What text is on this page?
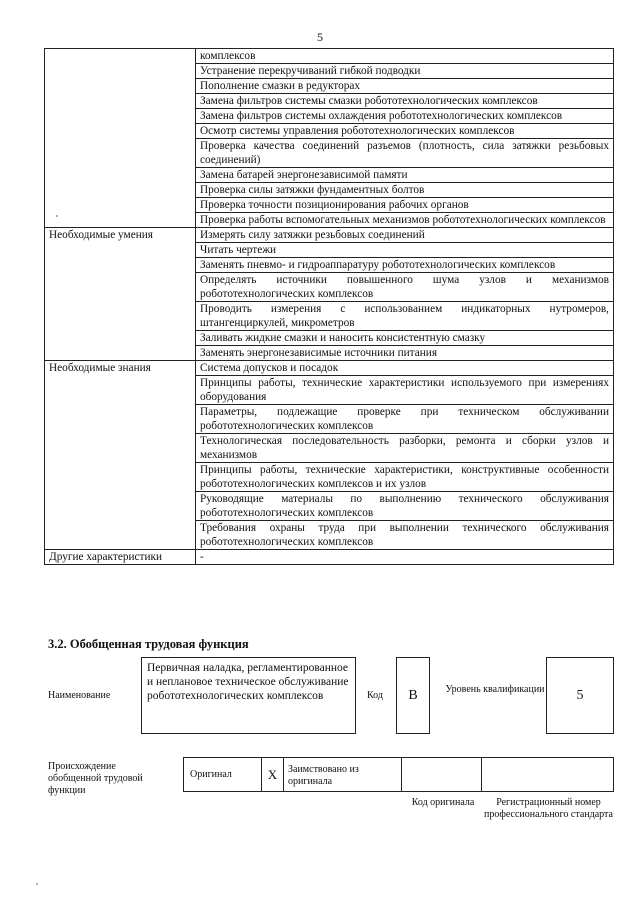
5
	комплексов
	Устранение перекручиваний гибкой подводки
	Пополнение смазки в редукторах
	Замена фильтров системы смазки робототехнологических комплексов
	Замена фильтров системы охлаждения робототехнологических комплексов
	Осмотр системы управления робототехнологических комплексов
	Проверка качества соединений разъемов (плотность, сила затяжки резьбовых соединений)
	Замена батарей энергонезависимой памяти
	Проверка силы затяжки фундаментных болтов
	Проверка точности позиционирования рабочих органов
	Проверка работы вспомогательных механизмов робототехнологических комплексов
Необходимые умения	Измерять силу затяжки резьбовых соединений
	Читать чертежи
	Заменять пневмо- и гидроаппаратуру робототехнологических комплексов
	Определять источники повышенного шума узлов и механизмов робототехнологических комплексов
	Проводить измерения с использованием индикаторных нутромеров, штангенциркулей, микрометров
	Заливать жидкие смазки и наносить консистентную смазку
	Заменять энергонезависимые источники питания
Необходимые знания	Система допусков и посадок
	Принципы работы, технические характеристики используемого при измерениях оборудования
	Параметры, подлежащие проверке при техническом обслуживании робототехнологических комплексов
	Технологическая последовательность разборки, ремонта и сборки узлов и механизмов
	Принципы работы, технические характеристики, конструктивные особенности робототехнологических комплексов и их узлов
	Руководящие материалы по выполнению технического обслуживания робототехнологических комплексов
	Требования охраны труда при выполнении технического обслуживания робототехнологических комплексов
Другие характеристики	-
3.2. Обобщенная трудовая функция
Наименование
Первичная наладка, регламентированное и неплановое техническое обслуживание робототехнологических комплексов	Код	B	Уровень квалификации	5
Происхождение обобщенной трудовой функции
Оригинал	X	Заимствовано из оригинала
Код оригинала	Регистрационный номер профессионального стандарта
